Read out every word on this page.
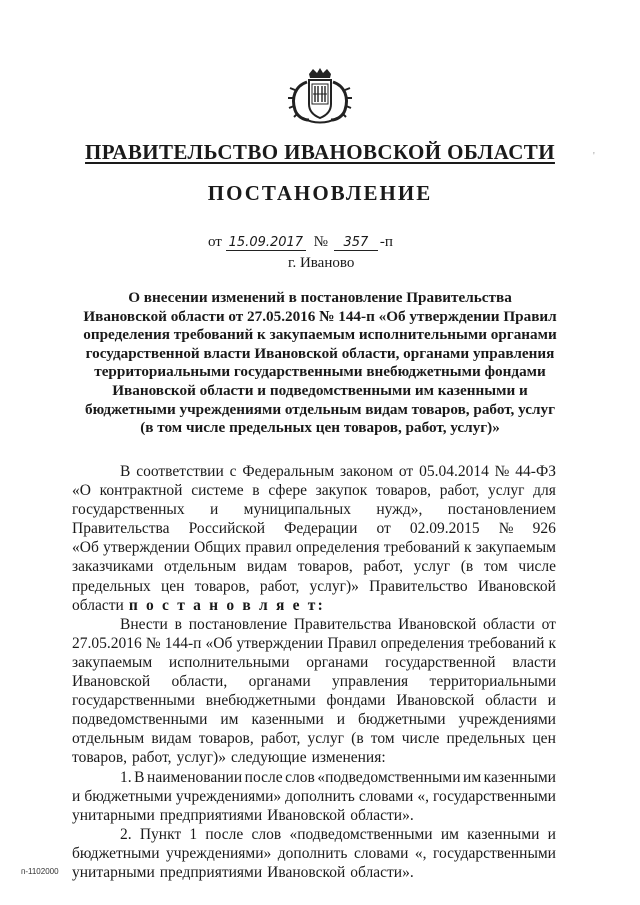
ПРАВИТЕЛЬСТВО ИВАНОВСКОЙ ОБЛАСТИ
ПОСТАНОВЛЕНИЕ
от 15.09.2017 № 357 -п
г. Иваново
О внесении изменений в постановление Правительства
Ивановской области от 27.05.2016 № 144-п «Об утверждении Правил
определения требований к закупаемым исполнительными органами
государственной власти Ивановской области, органами управления
территориальными государственными внебюджетными фондами
Ивановской области и подведомственными им казенными и
бюджетными учреждениями отдельным видам товаров, работ, услуг
(в том числе предельных цен товаров, работ, услуг)»
В соответствии с Федеральным законом от 05.04.2014 № 44-ФЗ
«О контрактной системе в сфере закупок товаров, работ, услуг для
государственных и муниципальных нужд», постановлением
Правительства Российской Федерации от 02.09.2015 № 926
«Об утверждении Общих правил определения требований к закупаемым
заказчиками отдельным видам товаров, работ, услуг (в том числе
предельных цен товаров, работ, услуг)» Правительство Ивановской
области п о с т а н о в л я е т:
Внести в постановление Правительства Ивановской области от
27.05.2016 № 144-п «Об утверждении Правил определения требований к
закупаемым исполнительными органами государственной власти
Ивановской области, органами управления территориальными
государственными внебюджетными фондами Ивановской области и
подведомственными им казенными и бюджетными учреждениями
отдельным видам товаров, работ, услуг (в том числе предельных цен
товаров, работ, услуг)» следующие изменения:
1. В наименовании после слов «подведомственными им казенными
и бюджетными учреждениями» дополнить словами «, государственными
унитарными предприятиями Ивановской области».
2. Пункт 1 после слов «подведомственными им казенными и
бюджетными учреждениями» дополнить словами «, государственными
унитарными предприятиями Ивановской области».
'
п-1102000
